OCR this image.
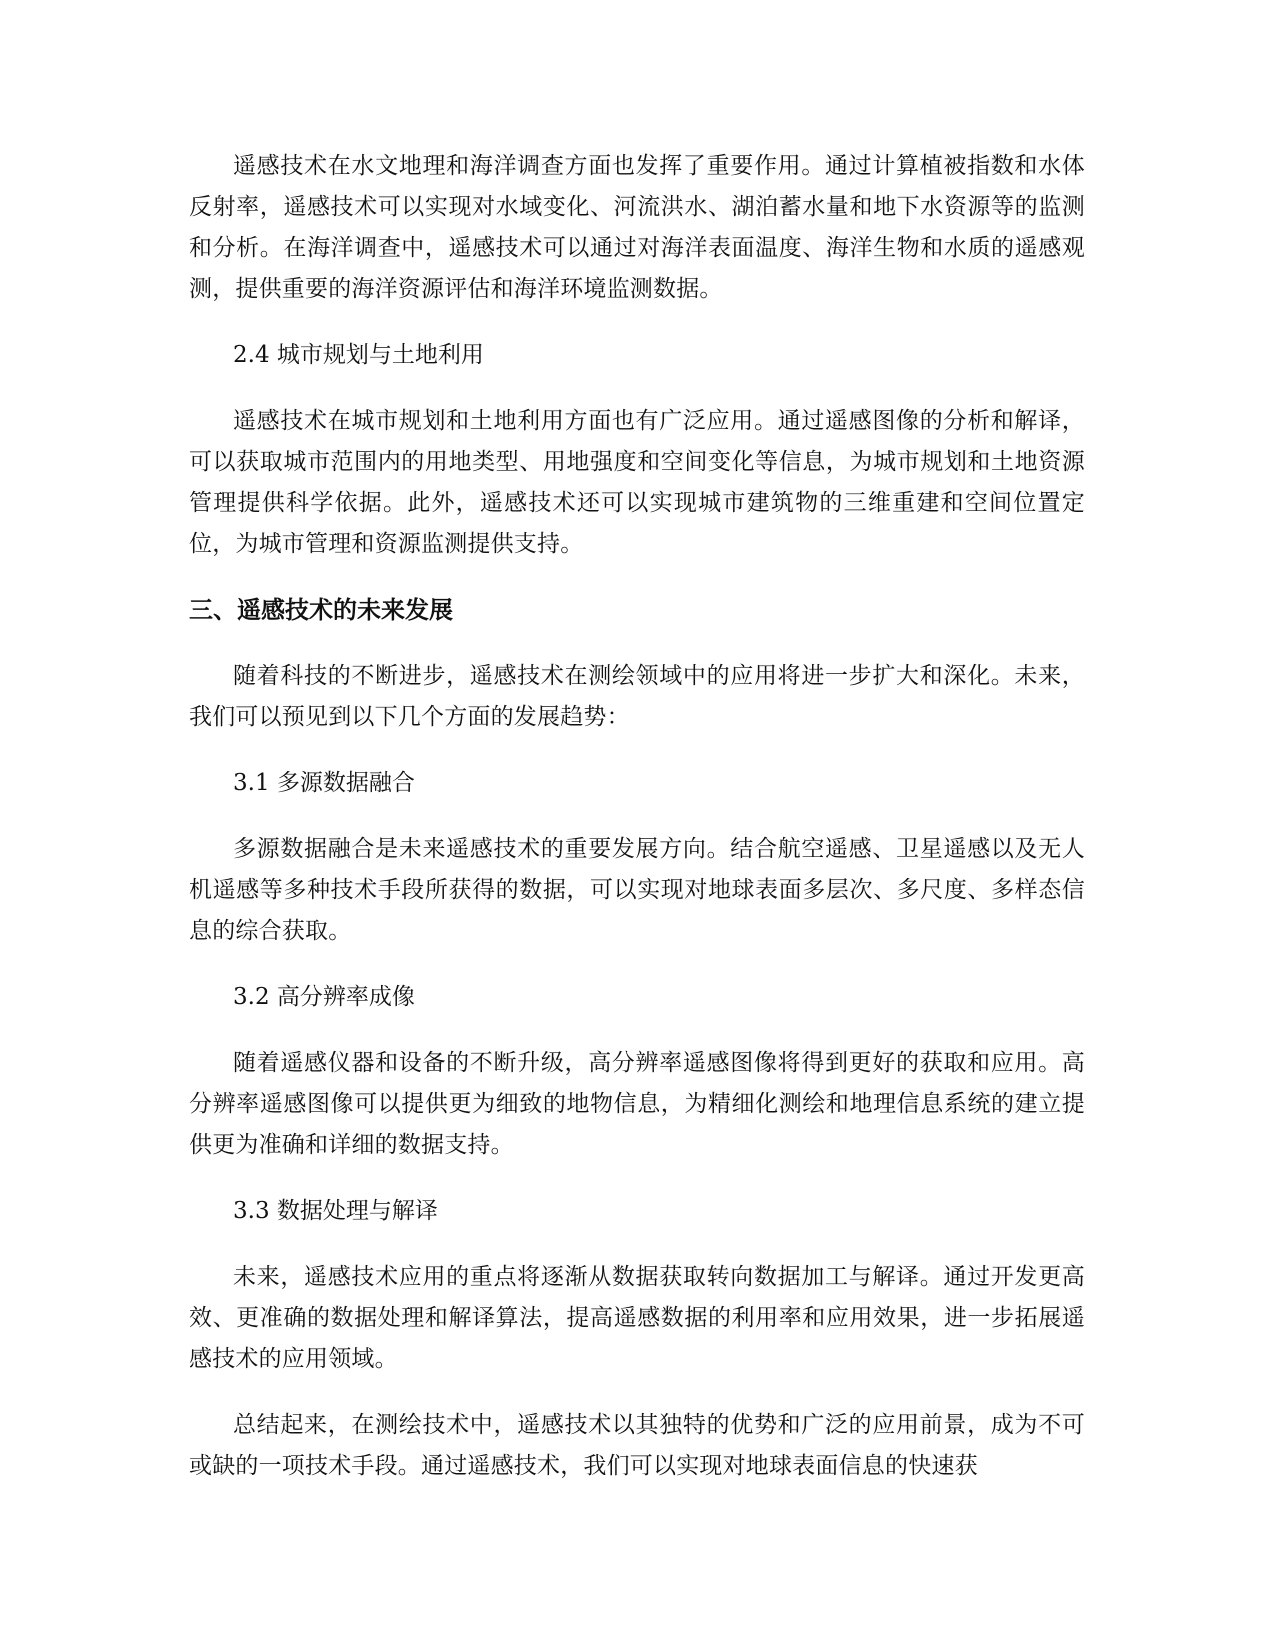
遥感技术在水文地理和海洋调查方面也发挥了重要作用。通过计算植被指数和水体反射率，遥感技术可以实现对水域变化、河流洪水、湖泊蓄水量和地下水资源等的监测和分析。在海洋调查中，遥感技术可以通过对海洋表面温度、海洋生物和水质的遥感观测，提供重要的海洋资源评估和海洋环境监测数据。

2.4 城市规划与土地利用

遥感技术在城市规划和土地利用方面也有广泛应用。通过遥感图像的分析和解译，可以获取城市范围内的用地类型、用地强度和空间变化等信息，为城市规划和土地资源管理提供科学依据。此外，遥感技术还可以实现城市建筑物的三维重建和空间位置定位，为城市管理和资源监测提供支持。

三、遥感技术的未来发展

随着科技的不断进步，遥感技术在测绘领域中的应用将进一步扩大和深化。未来，我们可以预见到以下几个方面的发展趋势：

3.1 多源数据融合

多源数据融合是未来遥感技术的重要发展方向。结合航空遥感、卫星遥感以及无人机遥感等多种技术手段所获得的数据，可以实现对地球表面多层次、多尺度、多样态信息的综合获取。

3.2 高分辨率成像

随着遥感仪器和设备的不断升级，高分辨率遥感图像将得到更好的获取和应用。高分辨率遥感图像可以提供更为细致的地物信息，为精细化测绘和地理信息系统的建立提供更为准确和详细的数据支持。

3.3 数据处理与解译

未来，遥感技术应用的重点将逐渐从数据获取转向数据加工与解译。通过开发更高效、更准确的数据处理和解译算法，提高遥感数据的利用率和应用效果，进一步拓展遥感技术的应用领域。

总结起来，在测绘技术中，遥感技术以其独特的优势和广泛的应用前景，成为不可或缺的一项技术手段。通过遥感技术，我们可以实现对地球表面信息的快速获
